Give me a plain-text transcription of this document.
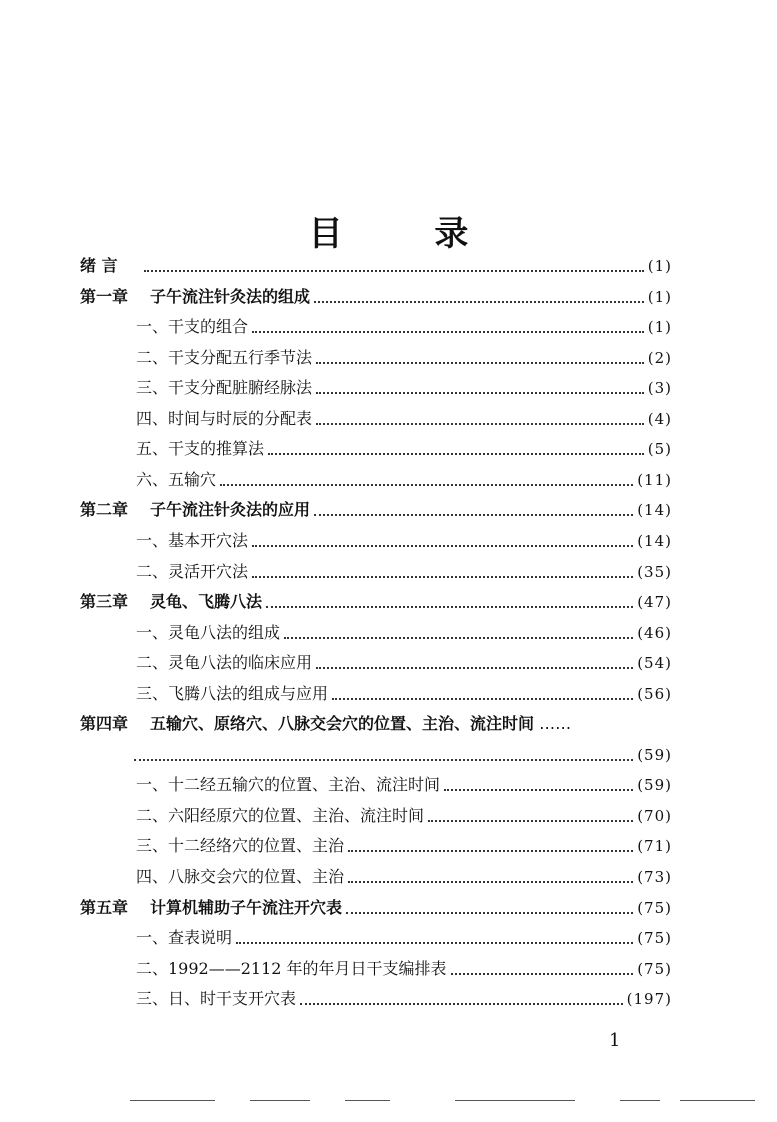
目 录
绪 言	(1)
第一章 子午流注针灸法的组成	(1)
一、干支的组合	(1)
二、干支分配五行季节法	(2)
三、干支分配脏腑经脉法	(3)
四、时间与时辰的分配表	(4)
五、干支的推算法	(5)
六、五输穴	(11)
第二章 子午流注针灸法的应用	(14)
一、基本开穴法	(14)
二、灵活开穴法	(35)
第三章 灵龟、飞腾八法	(47)
一、灵龟八法的组成	(46)
二、灵龟八法的临床应用	(54)
三、飞腾八法的组成与应用	(56)
第四章 五输穴、原络穴、八脉交会穴的位置、主治、流注时间 ……
(59)
一、十二经五输穴的位置、主治、流注时间	(59)
二、六阳经原穴的位置、主治、流注时间	(70)
三、十二经络穴的位置、主治	(71)
四、八脉交会穴的位置、主治	(73)
第五章 计算机辅助子午流注开穴表	(75)
一、查表说明	(75)
二、1992——2112 年的年月日干支编排表	(75)
三、日、时干支开穴表	(197)
1
